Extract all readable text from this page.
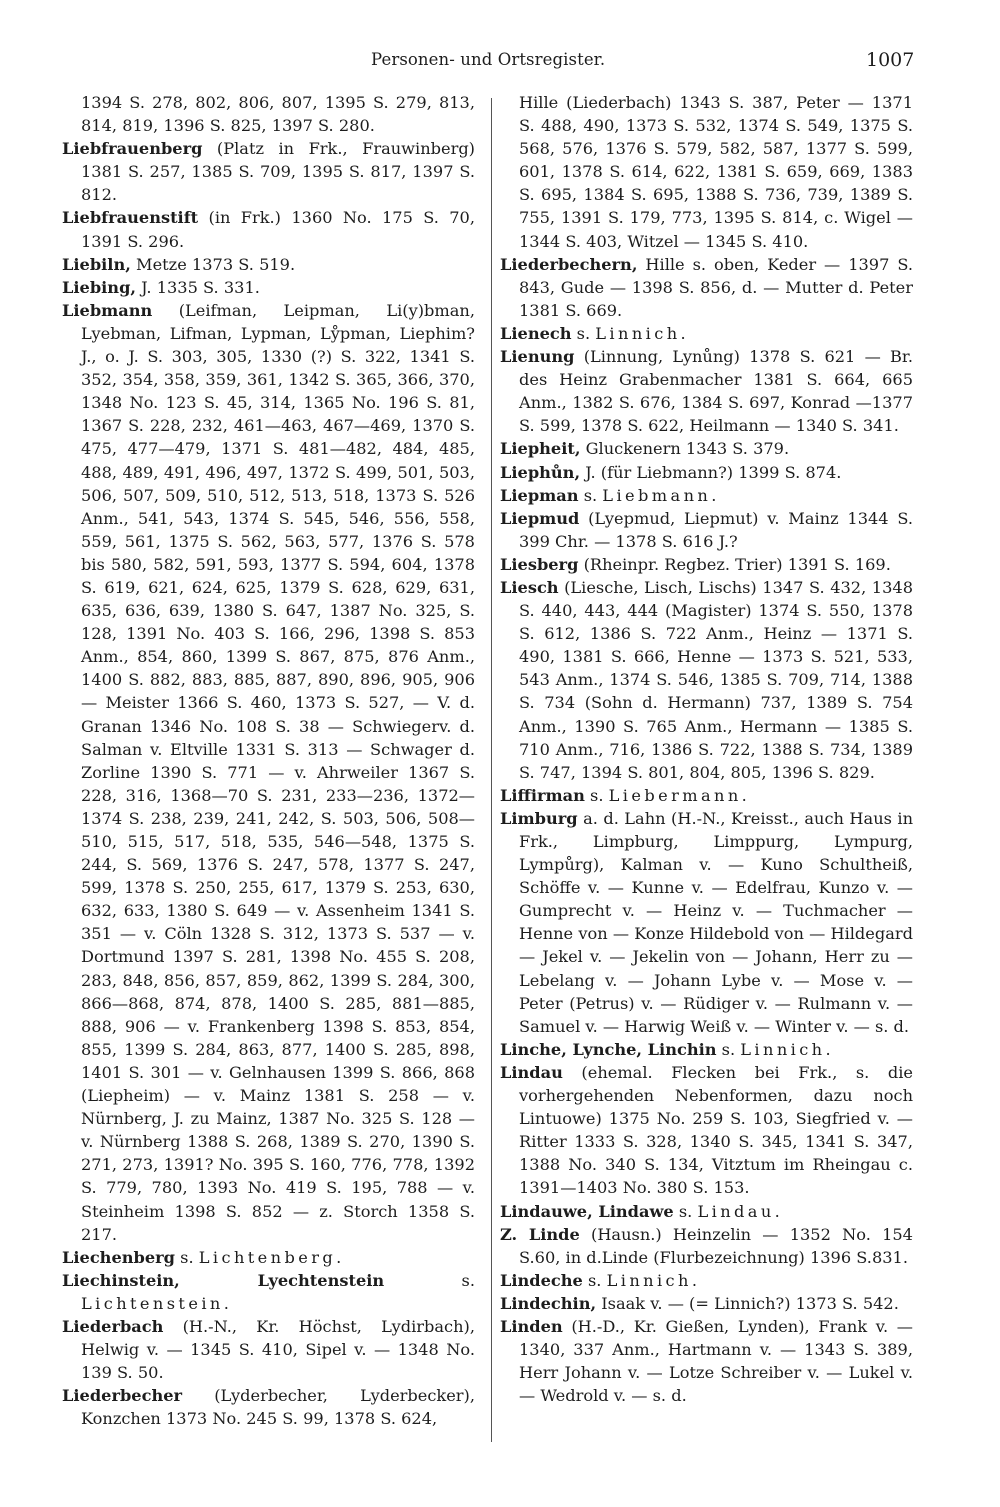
Personen- und Ortsregister.	1007

1394 S. 278, 802, 806, 807, 1395 S. 279, 813, 814, 819, 1396 S. 825, 1397 S. 280.

Liebfrauenberg (Platz in Frk., Frauwinberg) 1381 S. 257, 1385 S. 709, 1395 S. 817, 1397 S. 812.

Liebfrauenstift (in Frk.) 1360 No. 175 S. 70, 1391 S. 296.

Liebiln, Metze 1373 S. 519.

Liebing, J. 1335 S. 331.

Liebmann (Leifman, Leipman, Li(y)bman, Lyebman, Lifman, Lypman, Lẙpman, Liephim? J., o. J. S. 303, 305, 1330 (?) S. 322, 1341 S. 352, 354, 358, 359, 361, 1342 S. 365, 366, 370, 1348 No. 123 S. 45, 314, 1365 No. 196 S. 81, 1367 S. 228, 232, 461—463, 467—469, 1370 S. 475, 477—479, 1371 S. 481—482, 484, 485, 488, 489, 491, 496, 497, 1372 S. 499, 501, 503, 506, 507, 509, 510, 512, 513, 518, 1373 S. 526 Anm., 541, 543, 1374 S. 545, 546, 556, 558, 559, 561, 1375 S. 562, 563, 577, 1376 S. 578 bis 580, 582, 591, 593, 1377 S. 594, 604, 1378 S. 619, 621, 624, 625, 1379 S. 628, 629, 631, 635, 636, 639, 1380 S. 647, 1387 No. 325, S. 128, 1391 No. 403 S. 166, 296, 1398 S. 853 Anm., 854, 860, 1399 S. 867, 875, 876 Anm., 1400 S. 882, 883, 885, 887, 890, 896, 905, 906 — Meister 1366 S. 460, 1373 S. 527, — V. d. Granan 1346 No. 108 S. 38 — Schwiegerv. d. Salman v. Eltville 1331 S. 313 — Schwager d. Zorline 1390 S. 771 — v. Ahrweiler 1367 S. 228, 316, 1368—70 S. 231, 233—236, 1372—1374 S. 238, 239, 241, 242, S. 503, 506, 508—510, 515, 517, 518, 535, 546—548, 1375 S. 244, S. 569, 1376 S. 247, 578, 1377 S. 247, 599, 1378 S. 250, 255, 617, 1379 S. 253, 630, 632, 633, 1380 S. 649 — v. Assenheim 1341 S. 351 — v. Cöln 1328 S. 312, 1373 S. 537 — v. Dortmund 1397 S. 281, 1398 No. 455 S. 208, 283, 848, 856, 857, 859, 862, 1399 S. 284, 300, 866—868, 874, 878, 1400 S. 285, 881—885, 888, 906 — v. Frankenberg 1398 S. 853, 854, 855, 1399 S. 284, 863, 877, 1400 S. 285, 898, 1401 S. 301 — v. Gelnhausen 1399 S. 866, 868 (Liepheim) — v. Mainz 1381 S. 258 — v. Nürnberg, J. zu Mainz, 1387 No. 325 S. 128 — v. Nürnberg 1388 S. 268, 1389 S. 270, 1390 S. 271, 273, 1391? No. 395 S. 160, 776, 778, 1392 S. 779, 780, 1393 No. 419 S. 195, 788 — v. Steinheim 1398 S. 852 — z. Storch 1358 S. 217.

Liechenberg s. Lichtenberg.

Liechinstein, Lyechtenstein s. Lichtenstein.

Liederbach (H.-N., Kr. Höchst, Lydirbach), Helwig v. — 1345 S. 410, Sipel v. — 1348 No. 139 S. 50.

Liederbecher (Lyderbecher, Lyderbecker), Konzchen 1373 No. 245 S. 99, 1378 S. 624,

Hille (Liederbach) 1343 S. 387, Peter — 1371 S. 488, 490, 1373 S. 532, 1374 S. 549, 1375 S. 568, 576, 1376 S. 579, 582, 587, 1377 S. 599, 601, 1378 S. 614, 622, 1381 S. 659, 669, 1383 S. 695, 1384 S. 695, 1388 S. 736, 739, 1389 S. 755, 1391 S. 179, 773, 1395 S. 814, c. Wigel — 1344 S. 403, Witzel — 1345 S. 410.

Liederbechern, Hille s. oben, Keder — 1397 S. 843, Gude — 1398 S. 856, d. — Mutter d. Peter 1381 S. 669.

Lienech s. Linnich.

Lienung (Linnung, Lynůng) 1378 S. 621 — Br. des Heinz Grabenmacher 1381 S. 664, 665 Anm., 1382 S. 676, 1384 S. 697, Konrad —1377 S. 599, 1378 S. 622, Heilmann — 1340 S. 341.

Liepheit, Gluckenern 1343 S. 379.

Liephůn, J. (für Liebmann?) 1399 S. 874.

Liepman s. Liebmann.

Liepmud (Lyepmud, Liepmut) v. Mainz 1344 S. 399 Chr. — 1378 S. 616 J.?

Liesberg (Rheinpr. Regbez. Trier) 1391 S. 169.

Liesch (Liesche, Lisch, Lischs) 1347 S. 432, 1348 S. 440, 443, 444 (Magister) 1374 S. 550, 1378 S. 612, 1386 S. 722 Anm., Heinz — 1371 S. 490, 1381 S. 666, Henne — 1373 S. 521, 533, 543 Anm., 1374 S. 546, 1385 S. 709, 714, 1388 S. 734 (Sohn d. Hermann) 737, 1389 S. 754 Anm., 1390 S. 765 Anm., Hermann — 1385 S. 710 Anm., 716, 1386 S. 722, 1388 S. 734, 1389 S. 747, 1394 S. 801, 804, 805, 1396 S. 829.

Liffirman s. Liebermann.

Limburg a. d. Lahn (H.-N., Kreisst., auch Haus in Frk., Limpburg, Limppurg, Lympurg, Lympůrg), Kalman v. — Kuno Schultheiß, Schöffe v. — Kunne v. — Edelfrau, Kunzo v. — Gumprecht v. — Heinz v. — Tuchmacher — Henne von — Konze Hildebold von — Hildegard — Jekel v. — Jekelin von — Johann, Herr zu — Lebelang v. — Johann Lybe v. — Mose v. — Peter (Petrus) v. — Rüdiger v. — Rulmann v. — Samuel v. — Harwig Weiß v. — Winter v. — s. d.

Linche, Lynche, Linchin s. Linnich.

Lindau (ehemal. Flecken bei Frk., s. die vorhergehenden Nebenformen, dazu noch Lintuowe) 1375 No. 259 S. 103, Siegfried v. — Ritter 1333 S. 328, 1340 S. 345, 1341 S. 347, 1388 No. 340 S. 134, Vitztum im Rheingau c. 1391—1403 No. 380 S. 153.

Lindauwe, Lindawe s. Lindau.

Z. Linde (Hausn.) Heinzelin — 1352 No. 154 S.60, in d.Linde (Flurbezeichnung) 1396 S.831.

Lindeche s. Linnich.

Lindechin, Isaak v. — (= Linnich?) 1373 S. 542.

Linden (H.-D., Kr. Gießen, Lynden), Frank v. — 1340, 337 Anm., Hartmann v. — 1343 S. 389, Herr Johann v. — Lotze Schreiber v. — Lukel v. — Wedrold v. — s. d.
